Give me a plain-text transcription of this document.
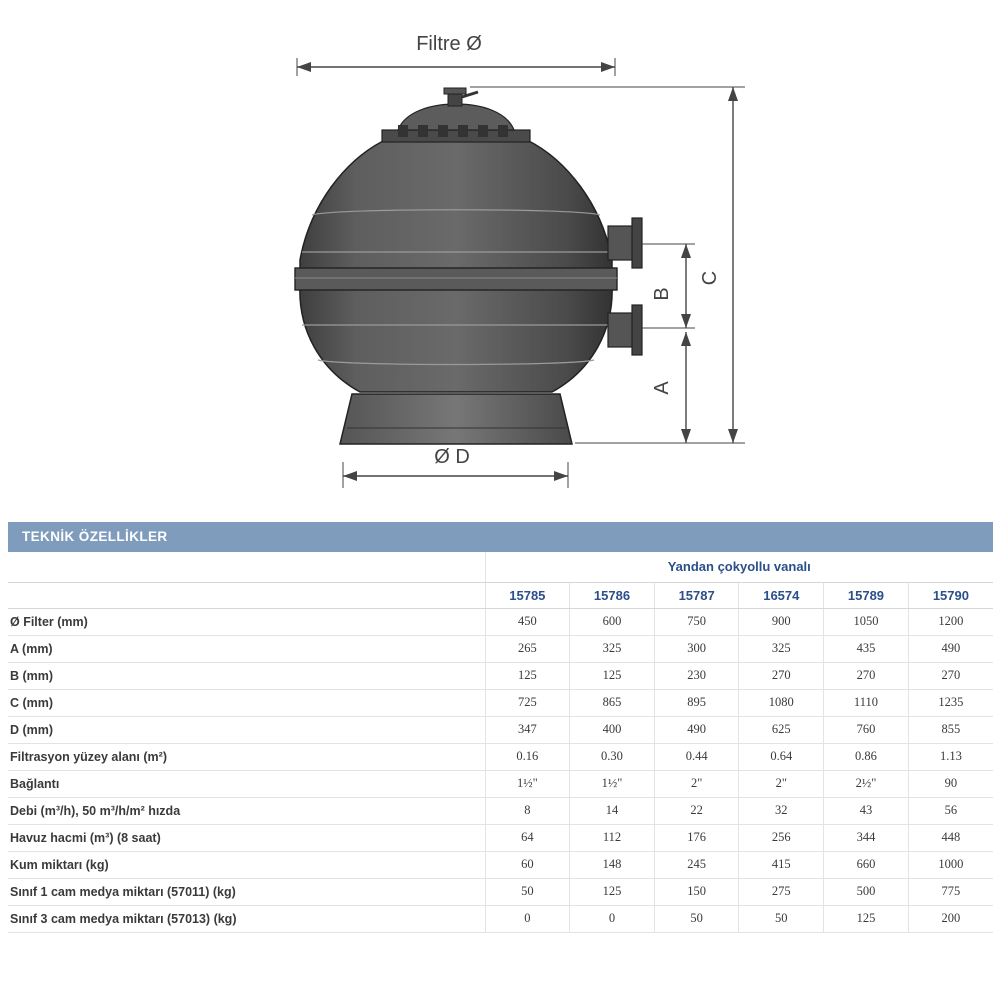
Filtre Ø
C
B
A
Ø D
TEKNİK ÖZELLİKLER
	Yandan çokyollu vanalı					
	15785	15786	15787	16574	15789	15790
Ø Filter (mm)	450	600	750	900	1050	1200
A (mm)	265	325	300	325	435	490
B (mm)	125	125	230	270	270	270
C (mm)	725	865	895	1080	1110	1235
D (mm)	347	400	490	625	760	855
Filtrasyon yüzey alanı (m²)	0.16	0.30	0.44	0.64	0.86	1.13
Bağlantı	1½"	1½"	2"	2"	2½"	90
Debi (m³/h), 50 m³/h/m² hızda	8	14	22	32	43	56
Havuz hacmi (m³) (8 saat)	64	112	176	256	344	448
Kum miktarı (kg)	60	148	245	415	660	1000
Sınıf 1 cam medya miktarı (57011) (kg)	50	125	150	275	500	775
Sınıf 3 cam medya miktarı (57013) (kg)	0	0	50	50	125	200
